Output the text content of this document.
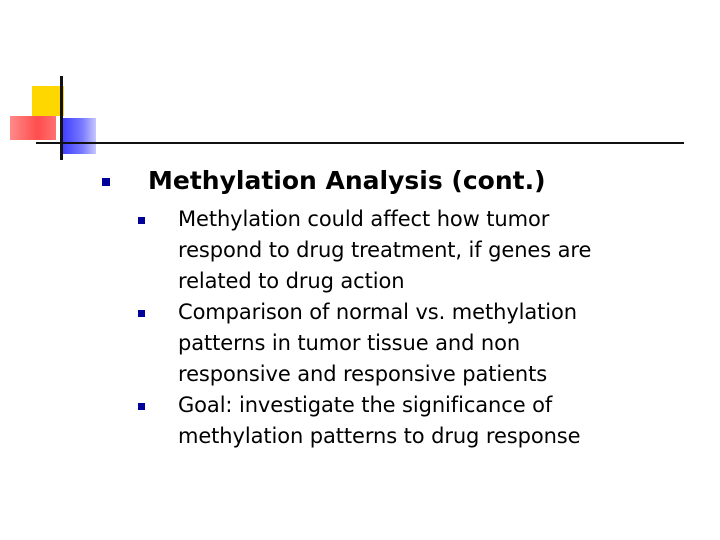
Methylation Analysis (cont.)
Methylation could affect how tumor
respond to drug treatment, if genes are
related to drug action
Comparison of normal vs. methylation
patterns in tumor tissue and non
responsive and responsive patients
Goal: investigate the significance of
methylation patterns to drug response
